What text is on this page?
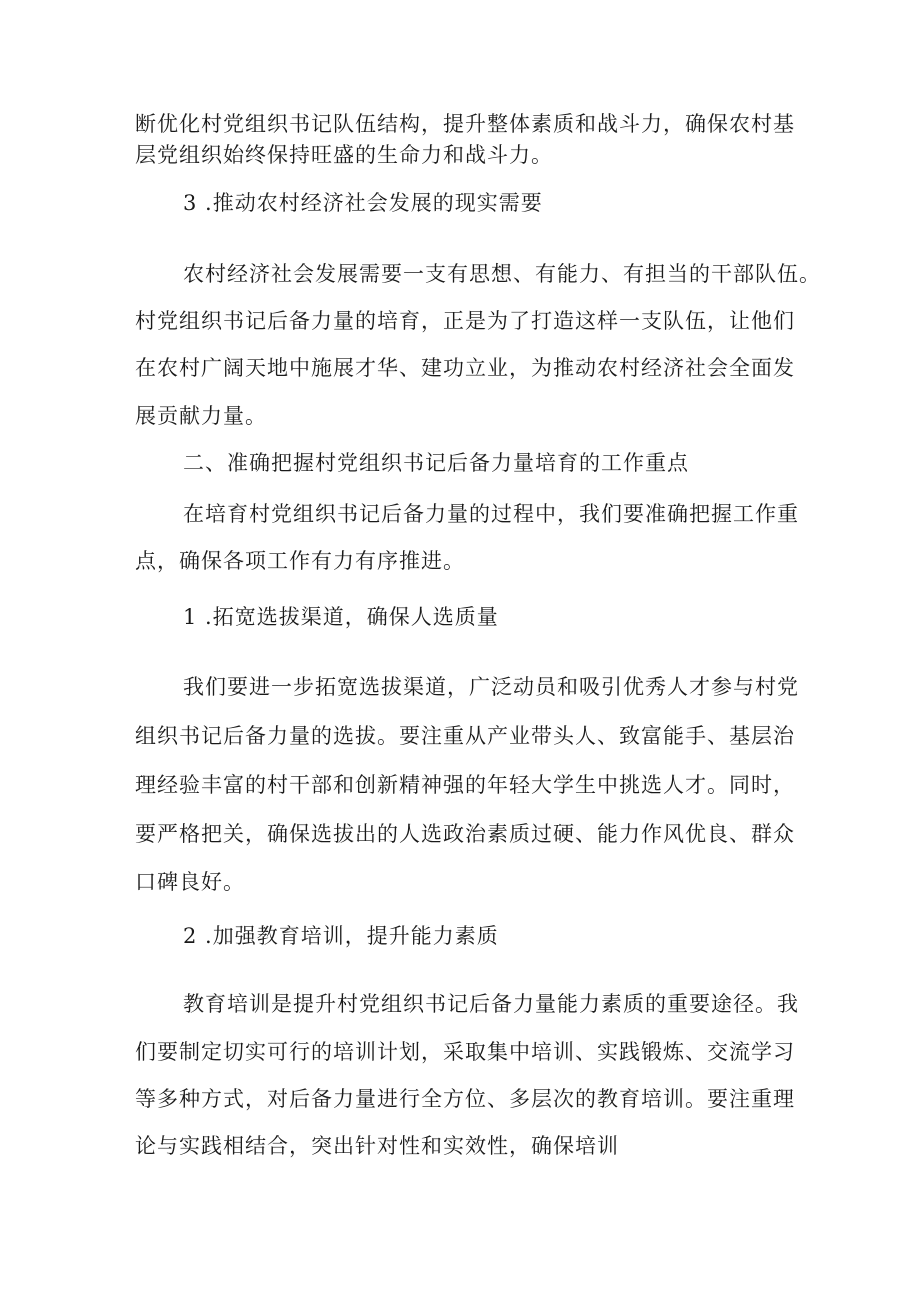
断优化村党组织书记队伍结构，提升整体素质和战斗力，确保农村基
层党组织始终保持旺盛的生命力和战斗力。
3 .推动农村经济社会发展的现实需要
农村经济社会发展需要一支有思想、有能力、有担当的干部队伍。
村党组织书记后备力量的培育，正是为了打造这样一支队伍，让他们
在农村广阔天地中施展才华、建功立业，为推动农村经济社会全面发
展贡献力量。
二、准确把握村党组织书记后备力量培育的工作重点
在培育村党组织书记后备力量的过程中，我们要准确把握工作重
点，确保各项工作有力有序推进。
1 .拓宽选拔渠道，确保人选质量
我们要进一步拓宽选拔渠道，广泛动员和吸引优秀人才参与村党
组织书记后备力量的选拔。要注重从产业带头人、致富能手、基层治
理经验丰富的村干部和创新精神强的年轻大学生中挑选人才。同时，
要严格把关，确保选拔出的人选政治素质过硬、能力作风优良、群众
口碑良好。
2 .加强教育培训，提升能力素质
教育培训是提升村党组织书记后备力量能力素质的重要途径。我
们要制定切实可行的培训计划，采取集中培训、实践锻炼、交流学习
等多种方式，对后备力量进行全方位、多层次的教育培训。要注重理
论与实践相结合，突出针对性和实效性，确保培训
